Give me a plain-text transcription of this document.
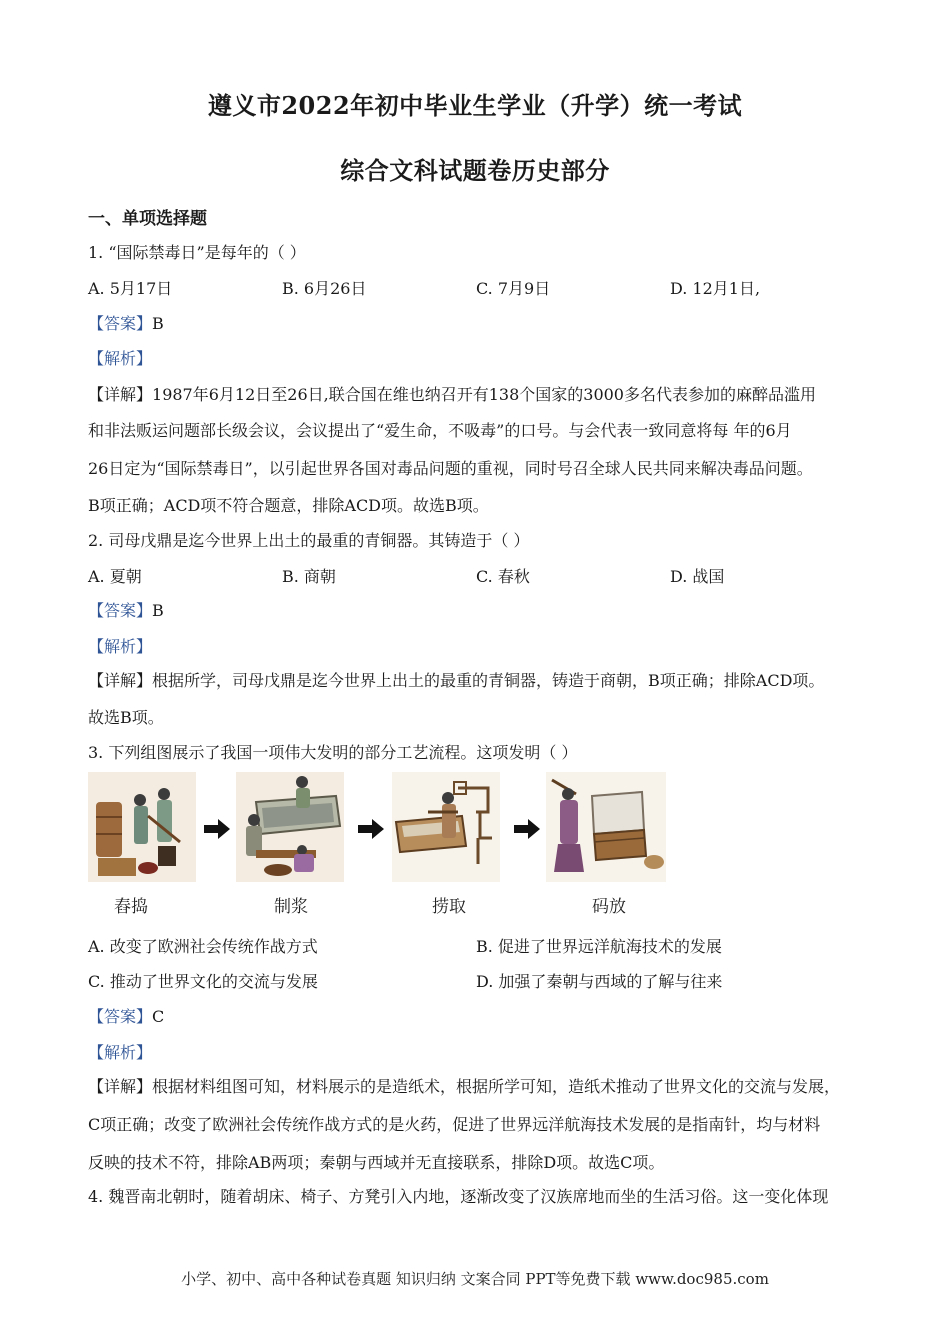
遵义市2022年初中毕业生学业（升学）统一考试
综合文科试题卷历史部分
一、单项选择题
1. “国际禁毒日”是每年的（ ）
A. 5月17日	B. 6月26日	C. 7月9日	D. 12月1日,
【答案】B
【解析】
【详解】1987年6月12日至26日,联合国在维也纳召开有138个国家的3000多名代表参加的麻醉品滥用
和非法贩运问题部长级会议，会议提出了“爱生命，不吸毒”的口号。与会代表一致同意将每 年的6月
26日定为“国际禁毒日”，以引起世界各国对毒品问题的重视，同时号召全球人民共同来解决毒品问题。
B项正确；ACD项不符合题意，排除ACD项。故选B项。
2. 司母戊鼎是迄今世界上出土的最重的青铜器。其铸造于（ ）
A. 夏朝	B. 商朝	C. 春秋	D. 战国
【答案】B
【解析】
【详解】根据所学，司母戊鼎是迄今世界上出土的最重的青铜器，铸造于商朝，B项正确；排除ACD项。
故选B项。
3. 下列组图展示了我国一项伟大发明的部分工艺流程。这项发明（ ）
舂捣	制浆	捞取	码放
A. 改变了欧洲社会传统作战方式	B. 促进了世界远洋航海技术的发展
C. 推动了世界文化的交流与发展	D. 加强了秦朝与西域的了解与往来
【答案】C
【解析】
【详解】根据材料组图可知，材料展示的是造纸术，根据所学可知，造纸术推动了世界文化的交流与发展，
C项正确；改变了欧洲社会传统作战方式的是火药，促进了世界远洋航海技术发展的是指南针，均与材料
反映的技术不符，排除AB两项；秦朝与西域并无直接联系，排除D项。故选C项。
4. 魏晋南北朝时，随着胡床、椅子、方凳引入内地，逐渐改变了汉族席地而坐的生活习俗。这一变化体现
小学、初中、高中各种试卷真题 知识归纳 文案合同 PPT等免费下载 www.doc985.com
